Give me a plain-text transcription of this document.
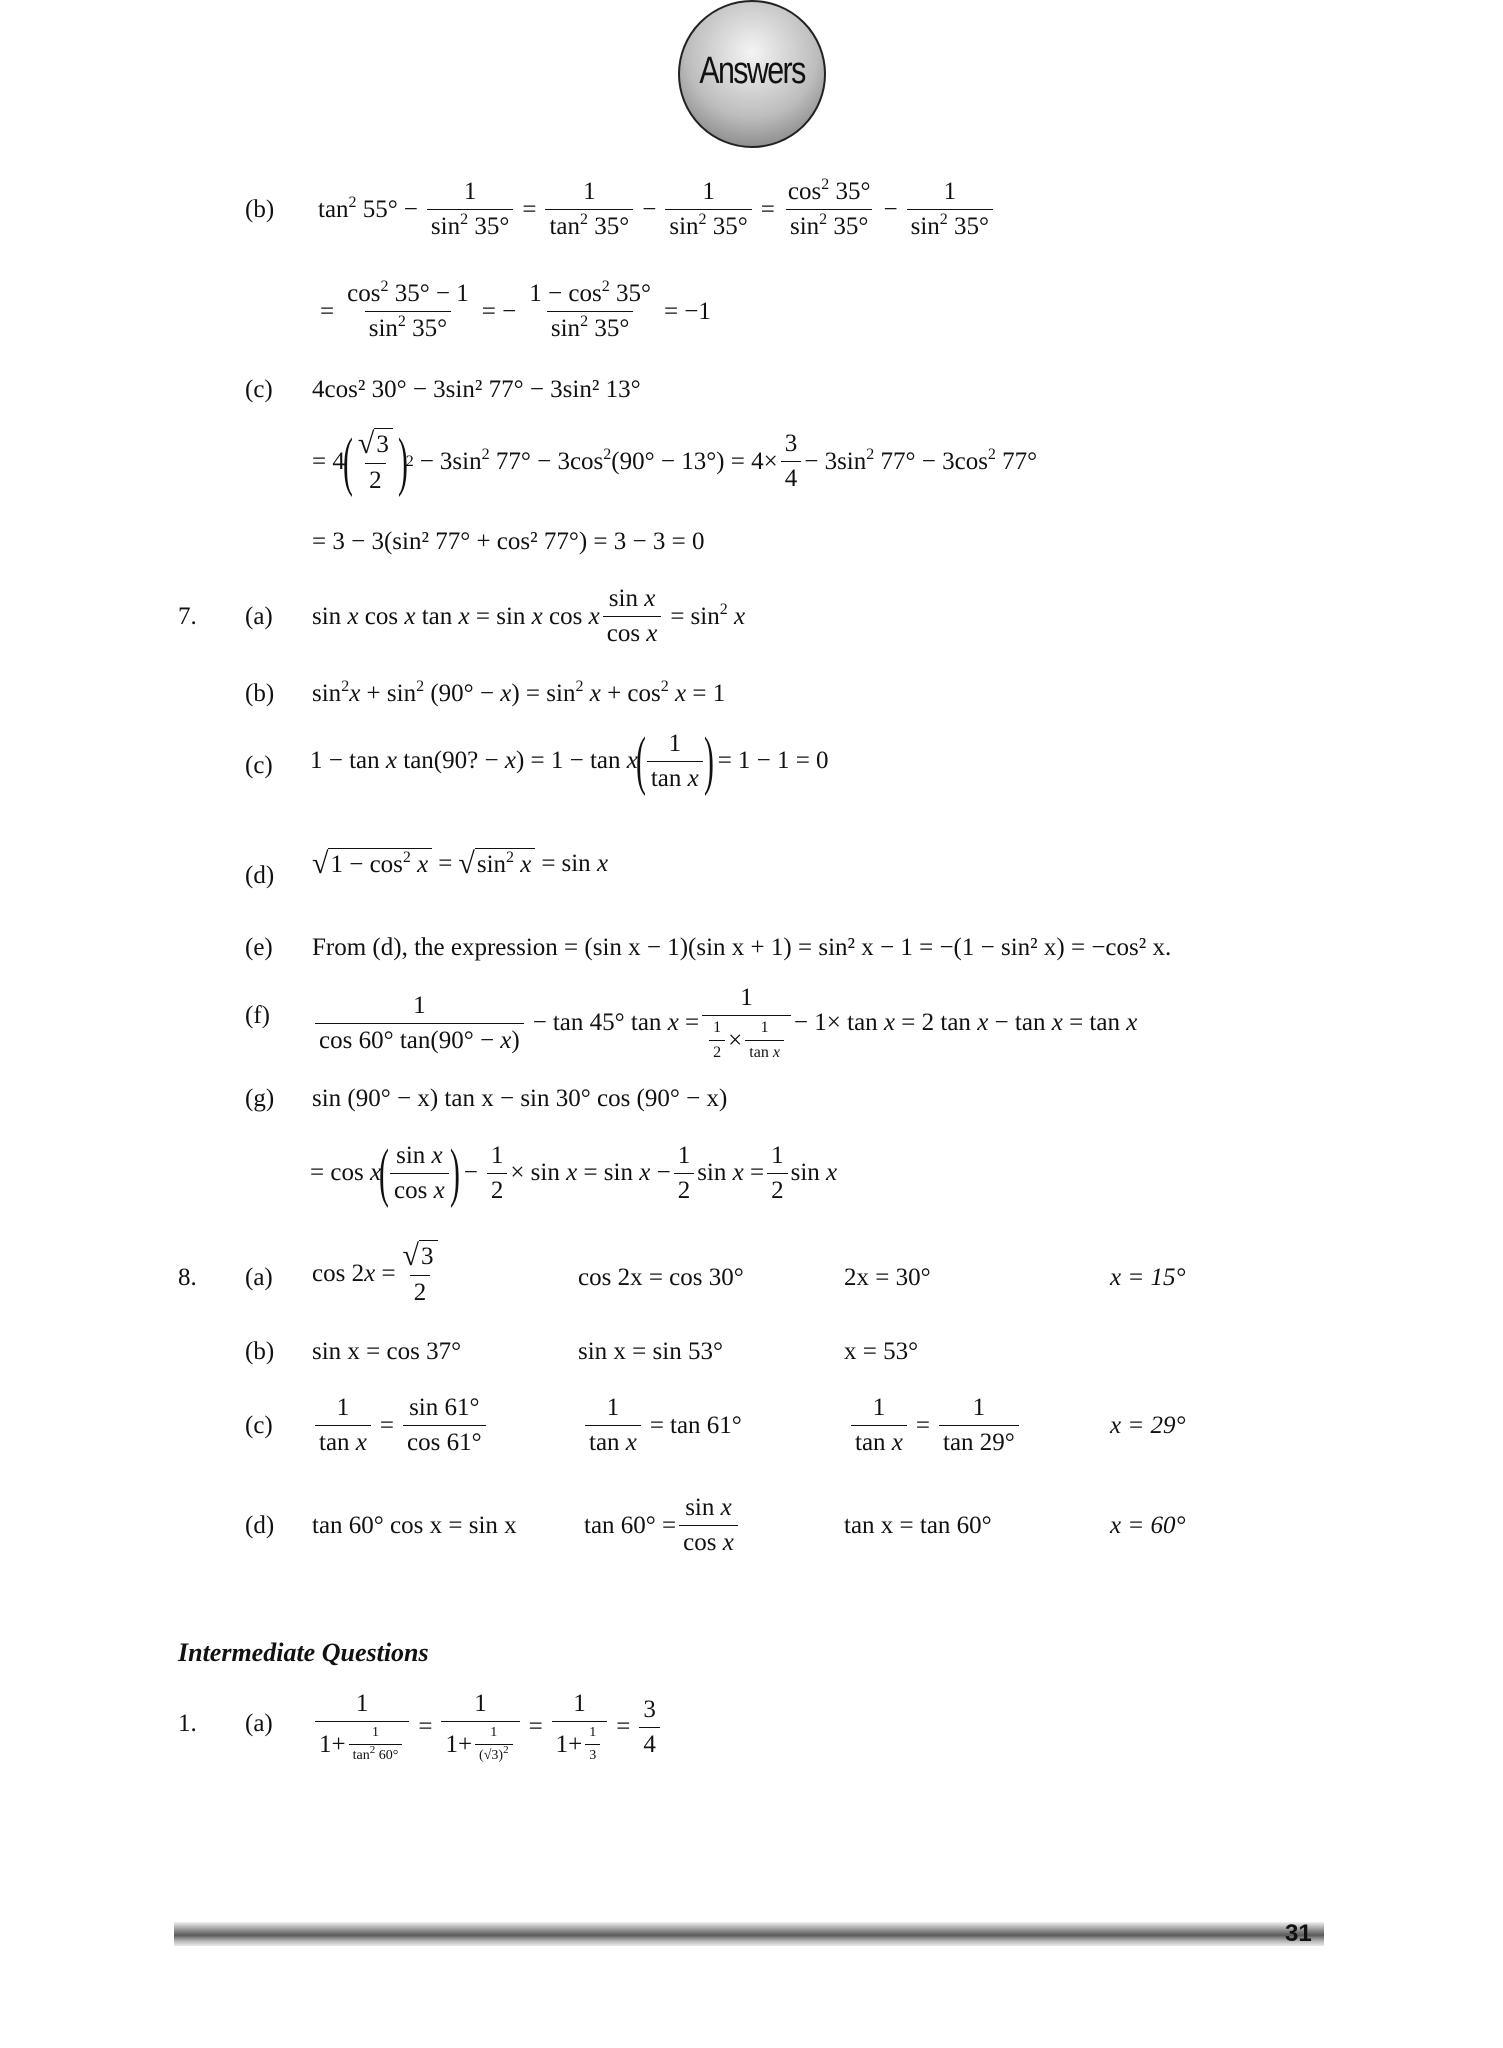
Answers
(b) $\tan^2 55^\circ - \frac{1}{\sin^2 35^\circ} = \frac{1}{\tan^2 35^\circ} - \frac{1}{\sin^2 35^\circ} = \frac{\cos^2 35^\circ}{\sin^2 35^\circ} - \frac{1}{\sin^2 35^\circ}$
= $\frac{\cos^2 35^\circ - 1}{\sin^2 35^\circ}$ = − $\frac{1 - \cos^2 35^\circ}{\sin^2 35^\circ} = -1$
(c) 4cos² 30° − 3sin² 77° − 3sin² 13°
= 4
( $\frac{√ 3}{2}$ )
$2 - 3\sin^2$ $77^\circ - 3\cos^2(90^\circ - 13^\circ) = 4\times \frac{3}{4} - 3\sin^2$ $77^\circ - 3\cos^2$ 77°
= 3 − 3(sin² 77° + cos² 77°) = 3 − 3 = 0
7. (a) sin x cos x tan x = sin x cos x $\frac{\text{sin x}}{\text{cos x}} = \sin^2 x$
(b) $\sin^2x + \sin^2 (90^\circ - x) = \sin^2 x + \cos^2 x = 1$
(c) 1 − tan x tan(90? − x) = 1 − tan x
( $\frac{1}{\text{tan x}}$ ) = 1 − 1 = 0
(d) √ $1 - \cos^2 x$ = √ $\sin^2 x = \sin x$
(e) From (d), the expression = (sin x − 1)(sin x + 1) = sin² x − 1 = −(1 − sin² x) = −cos² x.
$(f) \frac{1}{\cos 60^\circ \tan(90^\circ - x)} - \tan 45^\circ$ $\tan x = \frac{1}{\frac{1}{2} \times \frac{1}{\text{tan x}}} - 1\times \tan x = 2$ tan x − tan x = tan x
(g) sin (90° − x) tan x − sin 30° cos (90° − x)
= cos x
( $\frac{\text{sin x}}{\text{cos x}}$ ) − $\frac{1}{2} \times \sin x = \sin x - \frac{1}{2}$ $\sin x = \frac{1}{2}$ sin x
8. (a) $\cos 2x = \frac{√ 3}{2}$	cos 2x = cos 30°	2x = 30°	x = 15°
(b) sin x = cos 37°	sin x = sin 53°	x = 53°
$(c) \frac{1}{\text{tan x}} = \frac{\sin 61^\circ}{\cos 61^\circ}$	$\frac{1}{\text{tan x}} = \tan 61^\circ$	$\frac{1}{\text{tan x}} = \frac{1}{\tan 29^\circ}$	x = 29°
(d) tan 60° cos x = sin x	$\tan 60^\circ = \frac{\text{sin x}}{\text{cos x}}$	tan x = tan 60°	x = 60°
Intermediate Questions
1. $(a) \frac{1}{1+ \frac{1}{\tan^2 60^\circ}} = \frac{1}{1+ \frac{1}{(√3)^2}} = \frac{1}{1+ \frac{1}{3}} = \frac{3}{4}$
31
